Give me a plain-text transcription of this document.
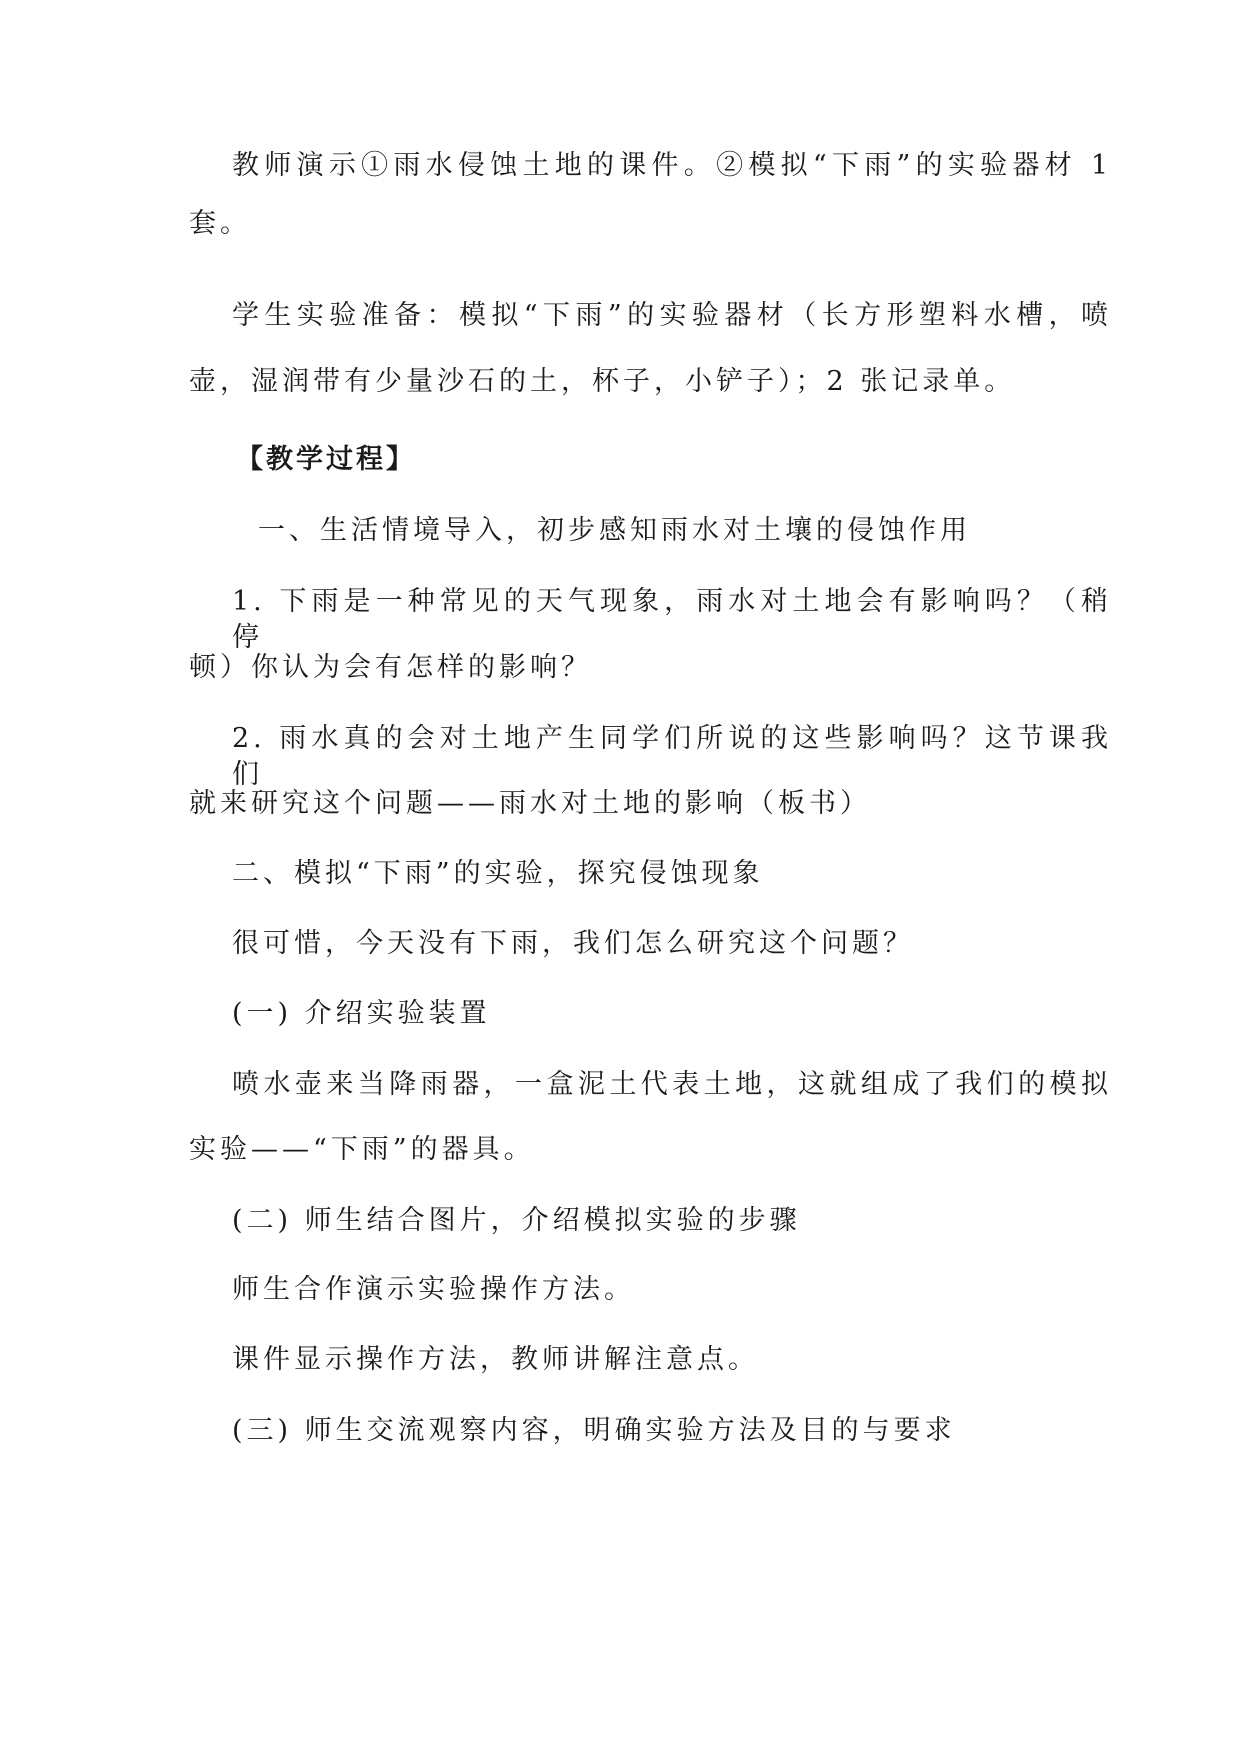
教师演示①雨水侵蚀土地的课件。②模拟“下雨”的实验器材 1
套。
学生实验准备：模拟“下雨”的实验器材（长方形塑料水槽，喷
壶，湿润带有少量沙石的土，杯子，小铲子）；2 张记录单。
【教学过程】
一、生活情境导入，初步感知雨水对土壤的侵蚀作用
1. 下雨是一种常见的天气现象，雨水对土地会有影响吗？（稍停
顿）你认为会有怎样的影响？
2. 雨水真的会对土地产生同学们所说的这些影响吗？这节课我们
就来研究这个问题——雨水对土地的影响（板书）
二、模拟“下雨”的实验，探究侵蚀现象
很可惜，今天没有下雨，我们怎么研究这个问题？
(一) 介绍实验装置
喷水壶来当降雨器，一盒泥土代表土地，这就组成了我们的模拟
实验——“下雨”的器具。
(二) 师生结合图片，介绍模拟实验的步骤
师生合作演示实验操作方法。
课件显示操作方法，教师讲解注意点。
(三) 师生交流观察内容，明确实验方法及目的与要求
